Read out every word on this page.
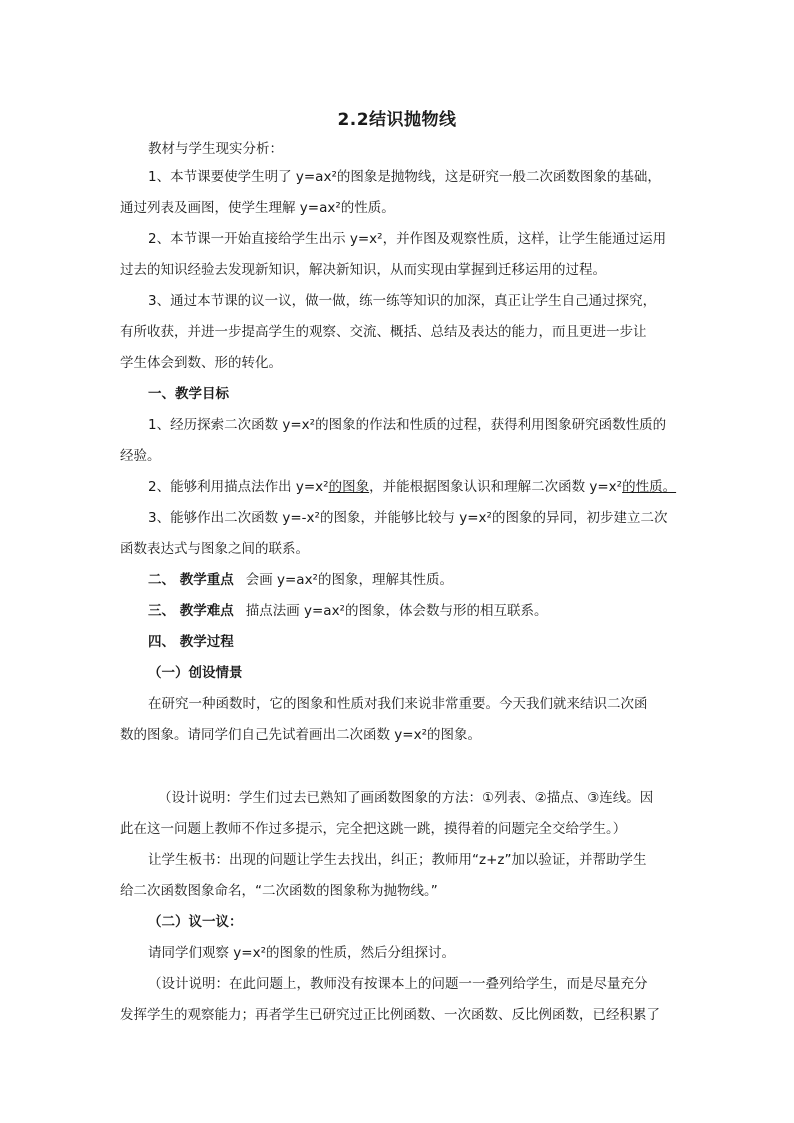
2.2结识抛物线
教材与学生现实分析：
1、本节课要使学生明了 y=ax²的图象是抛物线，这是研究一般二次函数图象的基础，
通过列表及画图，使学生理解 y=ax²的性质。
2、本节课一开始直接给学生出示 y=x²，并作图及观察性质，这样，让学生能通过运用
过去的知识经验去发现新知识，解决新知识，从而实现由掌握到迁移运用的过程。
3、通过本节课的议一议，做一做，练一练等知识的加深，真正让学生自己通过探究，
有所收获，并进一步提高学生的观察、交流、概括、总结及表达的能力，而且更进一步让
学生体会到数、形的转化。
一、教学目标
1、经历探索二次函数 y=x²的图象的作法和性质的过程，获得利用图象研究函数性质的
经验。
2、能够利用描点法作出 y=x²的图象，并能根据图象认识和理解二次函数 y=x²的性质。
3、能够作出二次函数 y=-x²的图象，并能够比较与 y=x²的图象的异同，初步建立二次
函数表达式与图象之间的联系。
二、 教学重点 会画 y=ax²的图象，理解其性质。
三、 教学难点 描点法画 y=ax²的图象，体会数与形的相互联系。
四、 教学过程
（一）创设情景
在研究一种函数时，它的图象和性质对我们来说非常重要。今天我们就来结识二次函
数的图象。请同学们自己先试着画出二次函数 y=x²的图象。
（设计说明：学生们过去已熟知了画函数图象的方法：①列表、②描点、③连线。因
此在这一问题上教师不作过多提示，完全把这跳一跳，摸得着的问题完全交给学生。）
让学生板书：出现的问题让学生去找出，纠正；教师用“z+z”加以验证，并帮助学生
给二次函数图象命名，“二次函数的图象称为抛物线。”
（二）议一议：
请同学们观察 y=x²的图象的性质，然后分组探讨。
（设计说明：在此问题上，教师没有按课本上的问题一一叠列给学生，而是尽量充分
发挥学生的观察能力；再者学生已研究过正比例函数、一次函数、反比例函数，已经积累了
